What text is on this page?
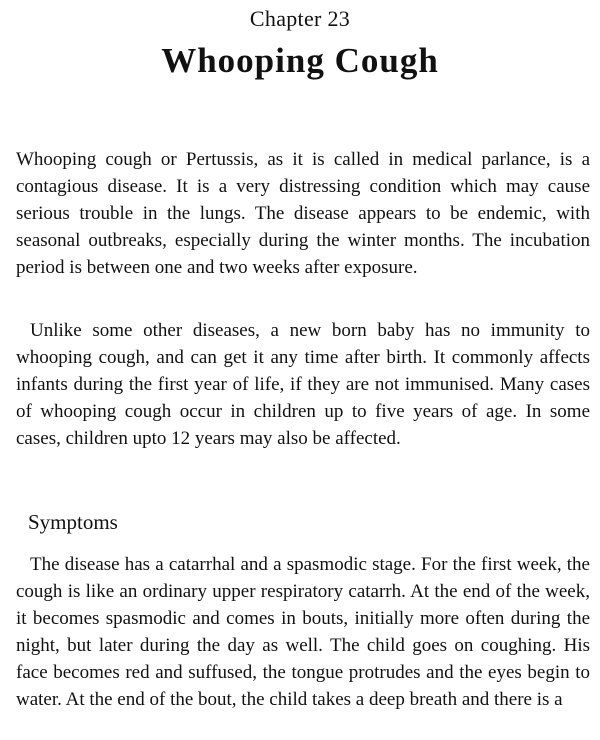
Chapter 23
Whooping Cough

Whooping cough or Pertussis, as it is called in medical parlance, is a contagious disease. It is a very distressing condition which may cause serious trouble in the lungs. The disease appears to be endemic, with seasonal outbreaks, especially during the winter months. The incubation period is between one and two weeks after exposure.

Unlike some other diseases, a new born baby has no immunity to whooping cough, and can get it any time after birth. It commonly affects infants during the first year of life, if they are not immunised. Many cases of whooping cough occur in children up to five years of age. In some cases, children upto 12 years may also be affected.

Symptoms

The disease has a catarrhal and a spasmodic stage. For the first week, the cough is like an ordinary upper respiratory catarrh. At the end of the week, it becomes spasmodic and comes in bouts, initially more often during the night, but later during the day as well. The child goes on coughing. His face becomes red and suffused, the tongue protrudes and the eyes begin to water. At the end of the bout, the child takes a deep breath and there is a
